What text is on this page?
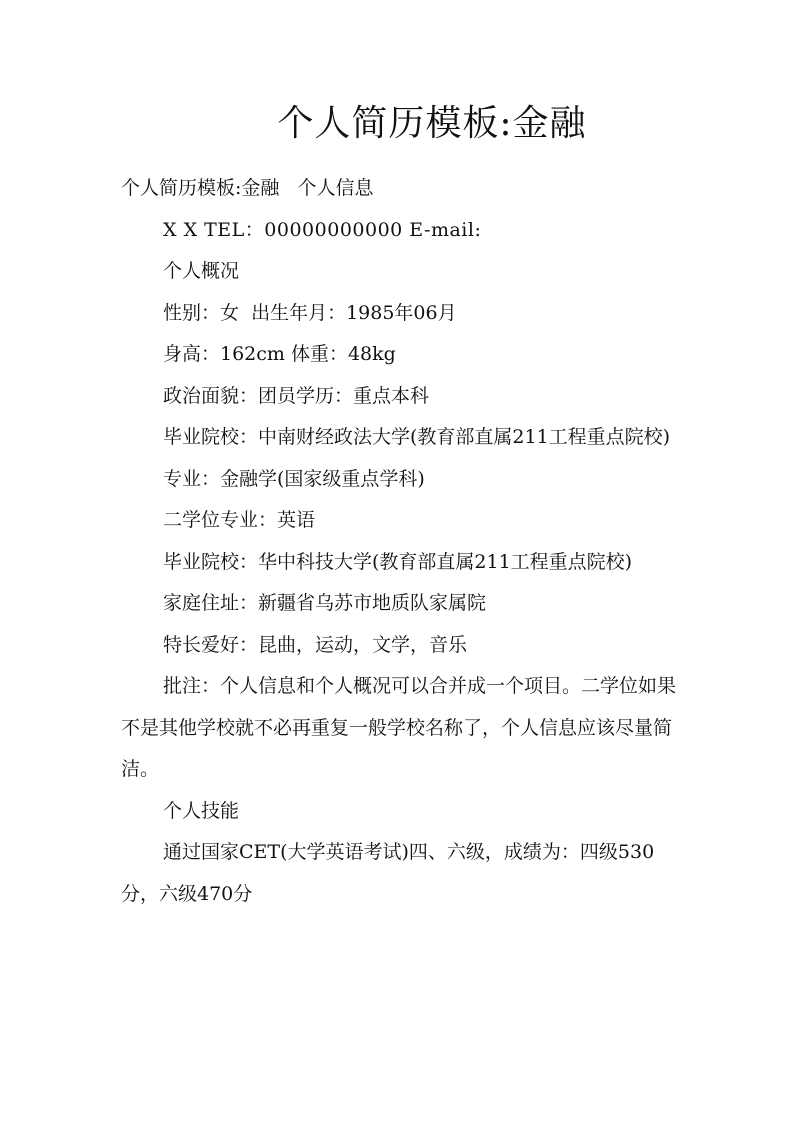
个人简历模板:金融

个人简历模板:金融   个人信息

X X TEL：00000000000 E-mail:

个人概况

性别：女  出生年月：1985年06月

身高：162cm 体重：48kg

政治面貌：团员学历：重点本科

毕业院校：中南财经政法大学(教育部直属211工程重点院校)

专业：金融学(国家级重点学科)

二学位专业：英语

毕业院校：华中科技大学(教育部直属211工程重点院校)

家庭住址：新疆省乌苏市地质队家属院

特长爱好：昆曲，运动，文学，音乐

批注：个人信息和个人概况可以合并成一个项目。二学位如果不是其他学校就不必再重复一般学校名称了，个人信息应该尽量简洁。

个人技能

通过国家CET(大学英语考试)四、六级，成绩为：四级530分，六级470分
